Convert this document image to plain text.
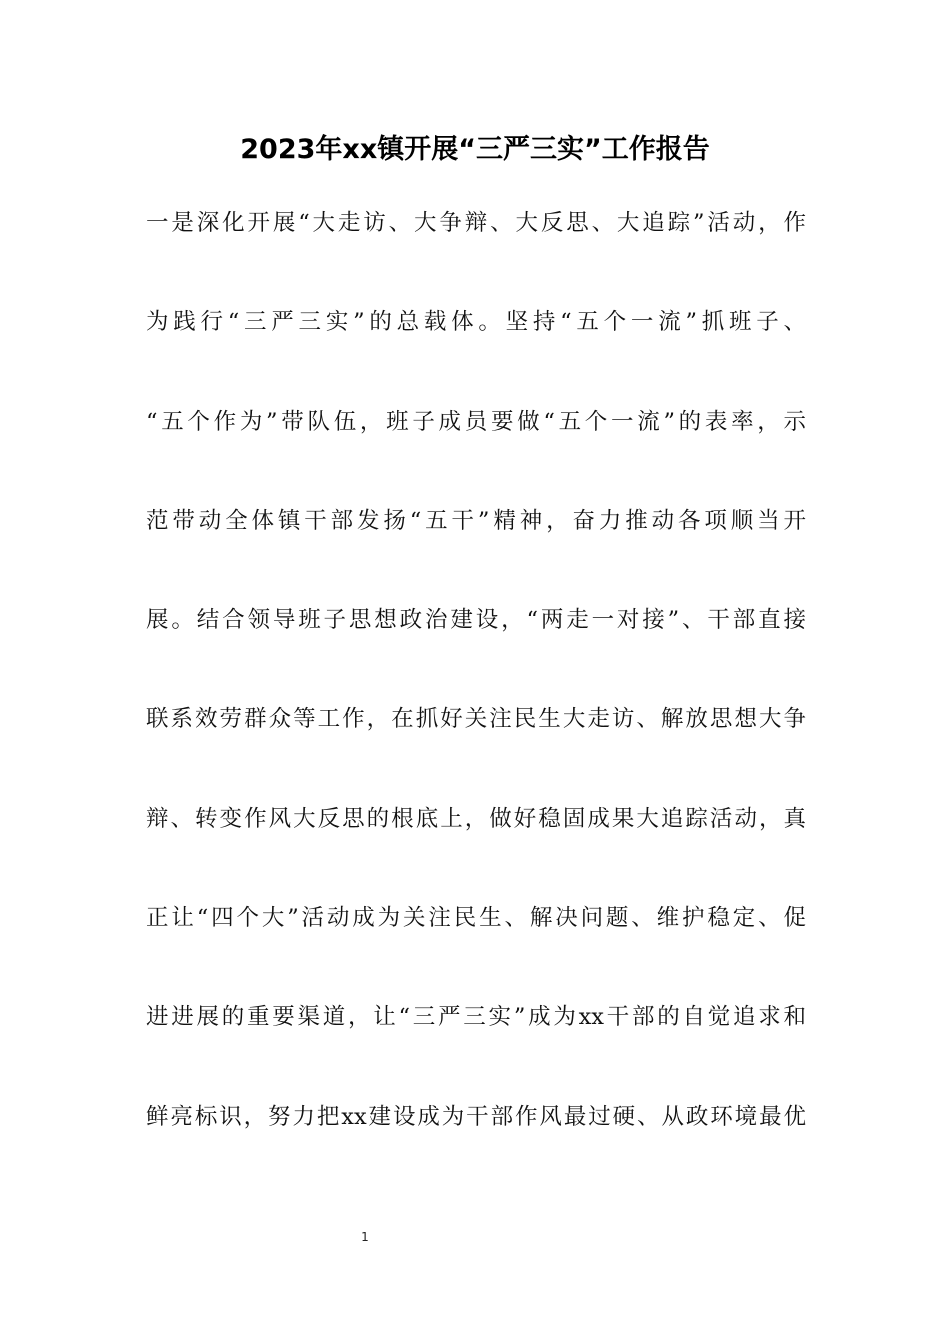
2023年xx镇开展“三严三实”工作报告
一是深化开展“大走访、大争辩、大反思、大追踪”活动，作
为践行“三严三实”的总载体。坚持“五个一流”抓班子、
“五个作为”带队伍，班子成员要做“五个一流”的表率，示
范带动全体镇干部发扬“五干”精神，奋力推动各项顺当开
展。结合领导班子思想政治建设，“两走一对接”、干部直接
联系效劳群众等工作，在抓好关注民生大走访、解放思想大争
辩、转变作风大反思的根底上，做好稳固成果大追踪活动，真
正让“四个大”活动成为关注民生、解决问题、维护稳定、促
进进展的重要渠道，让“三严三实”成为xx干部的自觉追求和
鲜亮标识，努力把xx建设成为干部作风最过硬、从政环境最优
1
